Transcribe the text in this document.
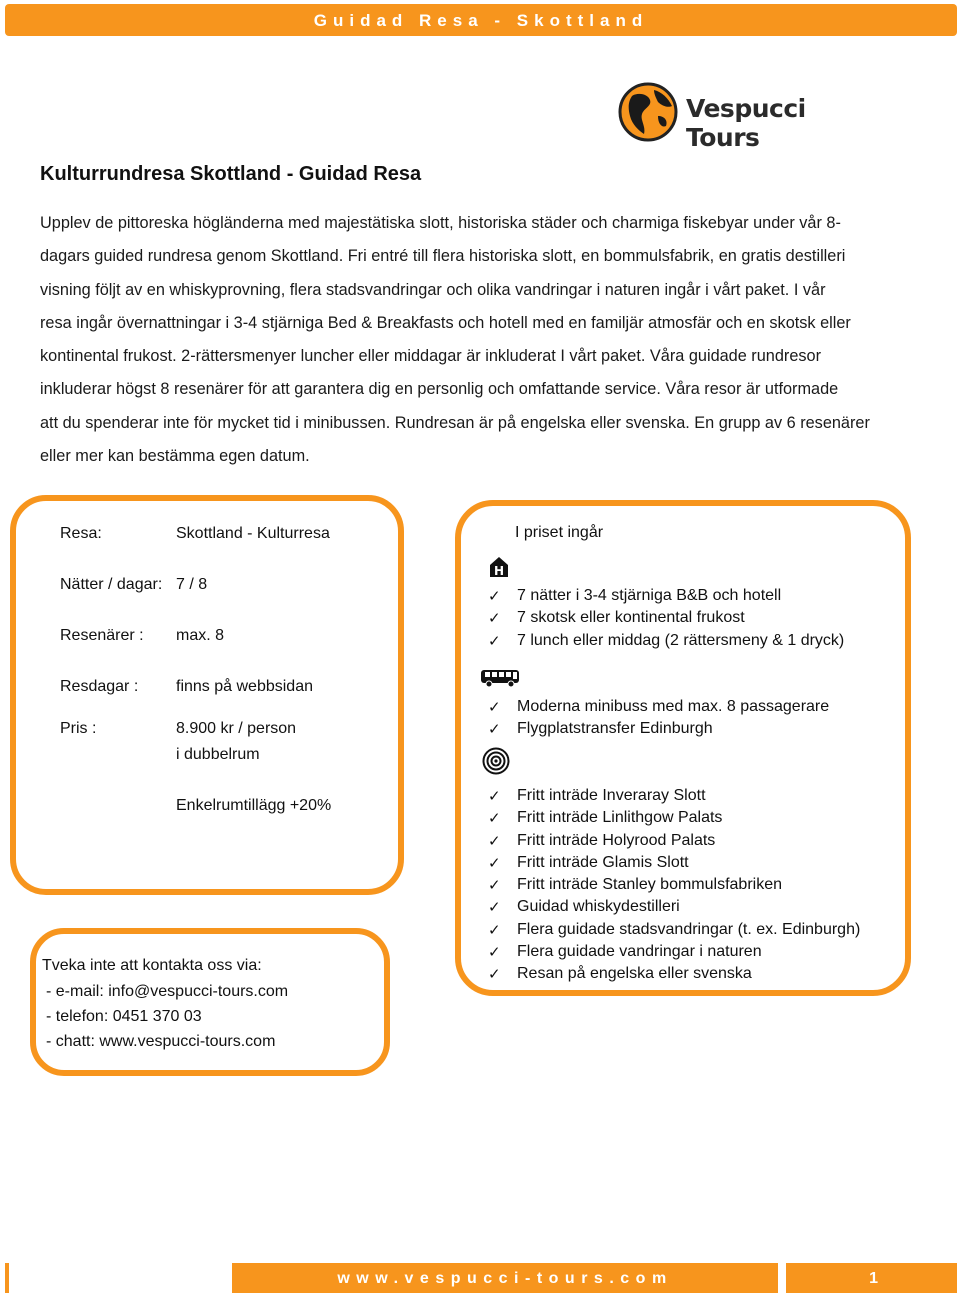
Guidad Resa - Skottland
Vespucci Tours
Kulturrundresa Skottland - Guidad Resa
Upplev de pittoreska högländerna med majestätiska slott, historiska städer och charmiga fiskebyar under vår 8-
dagars guided rundresa genom Skottland. Fri entré till flera historiska slott, en bommulsfabrik, en gratis destilleri
visning följt av en whiskyprovning, flera stadsvandringar och olika vandringar i naturen ingår i vårt paket. I vår
resa ingår övernattningar i 3-4 stjärniga Bed & Breakfasts och hotell med en familjär atmosfär och en skotsk eller
kontinental frukost. 2-rättersmenyer luncher eller middagar är inkluderat I vårt paket. Våra guidade rundresor
inkluderar högst 8 resenärer för att garantera dig en personlig och omfattande service. Våra resor är utformade
att du spenderar inte för mycket tid i minibussen. Rundresan är på engelska eller svenska. En grupp av 6 resenärer
eller mer kan bestämma egen datum.
Resa:	Skottland - Kulturresa
Nätter / dagar: 7 / 8
Resenärer : max. 8
Resdagar : finns på webbsidan
Pris :	8.900 kr / person
i dubbelrum
Enkelrumtillägg +20%
Tveka inte att kontakta oss via:
- e-mail: info@vespucci-tours.com
- telefon: 0451 370 03
- chatt: www.vespucci-tours.com
I priset ingår
H
✓ 7 nätter i 3-4 stjärniga B&B och hotell
✓ 7 skotsk eller kontinental frukost
✓ 7 lunch eller middag (2 rättersmeny & 1 dryck)
✓ Moderna minibuss med max. 8 passagerare
✓ Flygplatstransfer Edinburgh
✓ Fritt inträde Inveraray Slott
✓ Fritt inträde Linlithgow Palats
✓ Fritt inträde Holyrood Palats
✓ Fritt inträde Glamis Slott
✓ Fritt inträde Stanley bommulsfabriken
✓ Guidad whiskydestilleri
✓ Flera guidade stadsvandringar (t. ex. Edinburgh)
✓ Flera guidade vandringar i naturen
✓ Resan på engelska eller svenska
www.vespucci-tours.com	1
